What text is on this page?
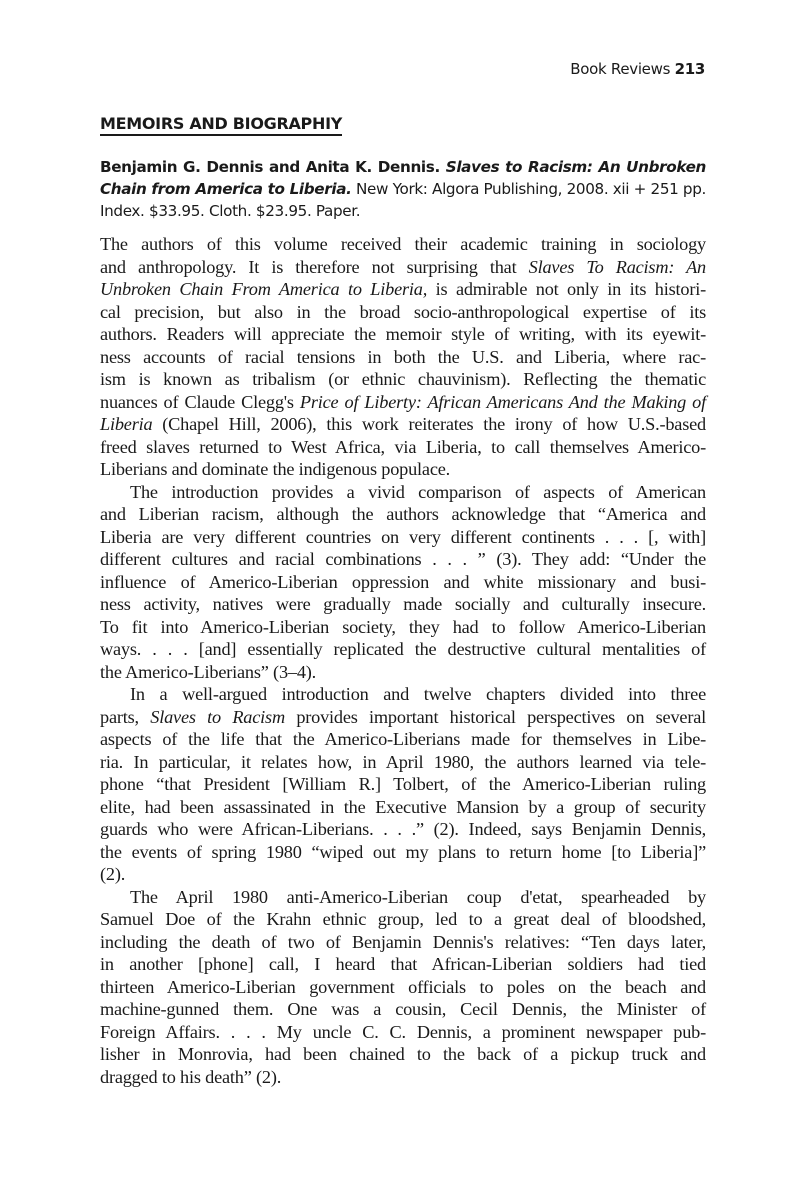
Book Reviews 213
MEMOIRS AND BIOGRAPHIY
Benjamin G. Dennis and Anita K. Dennis. Slaves to Racism: An Unbroken
Chain from America to Liberia. New York: Algora Publishing, 2008. xii + 251 pp.
Index. $33.95. Cloth. $23.95. Paper.
The authors of this volume received their academic training in sociology
and anthropology. It is therefore not surprising that Slaves To Racism: An
Unbroken Chain From America to Liberia, is admirable not only in its histori-
cal precision, but also in the broad socio-anthropological expertise of its
authors. Readers will appreciate the memoir style of writing, with its eyewit-
ness accounts of racial tensions in both the U.S. and Liberia, where rac-
ism is known as tribalism (or ethnic chauvinism). Reflecting the thematic
nuances of Claude Clegg's Price of Liberty: African Americans And the Making of
Liberia (Chapel Hill, 2006), this work reiterates the irony of how U.S.-based
freed slaves returned to West Africa, via Liberia, to call themselves Americo-
Liberians and dominate the indigenous populace.
The introduction provides a vivid comparison of aspects of American
and Liberian racism, although the authors acknowledge that “America and
Liberia are very different countries on very different continents . . . [, with]
different cultures and racial combinations . . . ” (3). They add: “Under the
influence of Americo-Liberian oppression and white missionary and busi-
ness activity, natives were gradually made socially and culturally insecure.
To fit into Americo-Liberian society, they had to follow Americo-Liberian
ways. . . . [and] essentially replicated the destructive cultural mentalities of
the Americo-Liberians” (3–4).
In a well-argued introduction and twelve chapters divided into three
parts, Slaves to Racism provides important historical perspectives on several
aspects of the life that the Americo-Liberians made for themselves in Libe-
ria. In particular, it relates how, in April 1980, the authors learned via tele-
phone “that President [William R.] Tolbert, of the Americo-Liberian ruling
elite, had been assassinated in the Executive Mansion by a group of security
guards who were African-Liberians. . . .” (2). Indeed, says Benjamin Dennis,
the events of spring 1980 “wiped out my plans to return home [to Liberia]”
(2).
The April 1980 anti-Americo-Liberian coup d'etat, spearheaded by
Samuel Doe of the Krahn ethnic group, led to a great deal of bloodshed,
including the death of two of Benjamin Dennis's relatives: “Ten days later,
in another [phone] call, I heard that African-Liberian soldiers had tied
thirteen Americo-Liberian government officials to poles on the beach and
machine-gunned them. One was a cousin, Cecil Dennis, the Minister of
Foreign Affairs. . . . My uncle C. C. Dennis, a prominent newspaper pub-
lisher in Monrovia, had been chained to the back of a pickup truck and
dragged to his death” (2).
